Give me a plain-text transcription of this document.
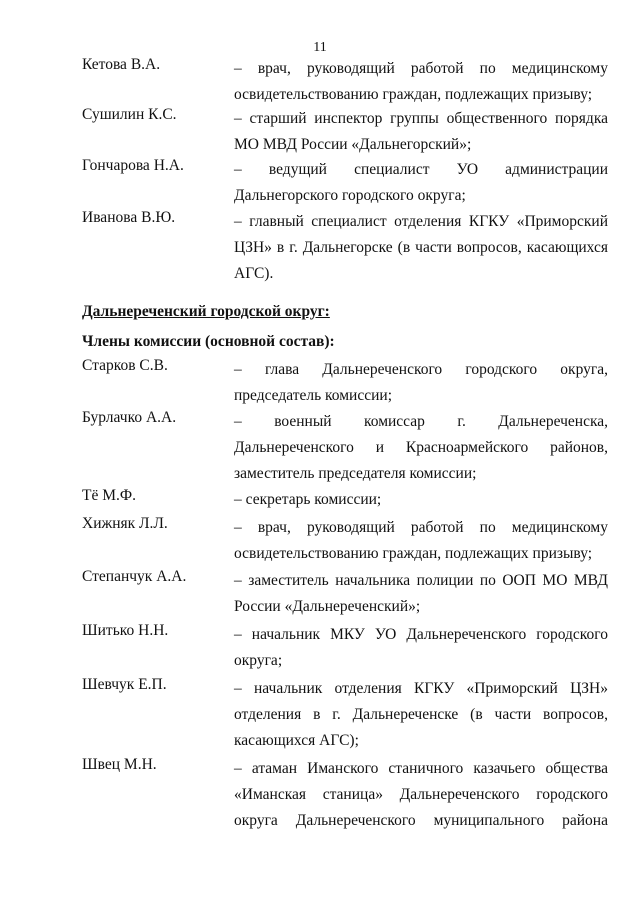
11
Кетова В.А.	– врач, руководящий работой по медицинскому
освидетельствованию граждан, подлежащих призыву;
Сушилин К.С.	– старший инспектор группы общественного порядка
МО МВД России «Дальнегорский»;
Гончарова Н.А.	– ведущий специалист УО администрации
Дальнегорского городского округа;
Иванова В.Ю.	– главный специалист отделения КГКУ «Приморский
ЦЗН» в г. Дальнегорске (в части вопросов, касающихся
АГС).
Дальнереченский городской округ:
Члены комиссии (основной состав):
Старков С.В.	– глава Дальнереченского городского округа,
председатель комиссии;
Бурлачко А.А.	– военный комиссар г. Дальнереченска,
Дальнереченского и Красноармейского районов,
заместитель председателя комиссии;
Тё М.Ф.	– секретарь комиссии;
Хижняк Л.Л.	– врач, руководящий работой по медицинскому
освидетельствованию граждан, подлежащих призыву;
Степанчук А.А.	– заместитель начальника полиции по ООП МО МВД
России «Дальнереченский»;
Шитько Н.Н.	– начальник МКУ УО Дальнереченского городского
округа;
Шевчук Е.П.	– начальник отделения КГКУ «Приморский ЦЗН»
отделения в г. Дальнереченске (в части вопросов,
касающихся АГС);
Швец М.Н.	– атаман Иманского станичного казачьего общества
«Иманская станица» Дальнереченского городского
округа Дальнереченского муниципального района
